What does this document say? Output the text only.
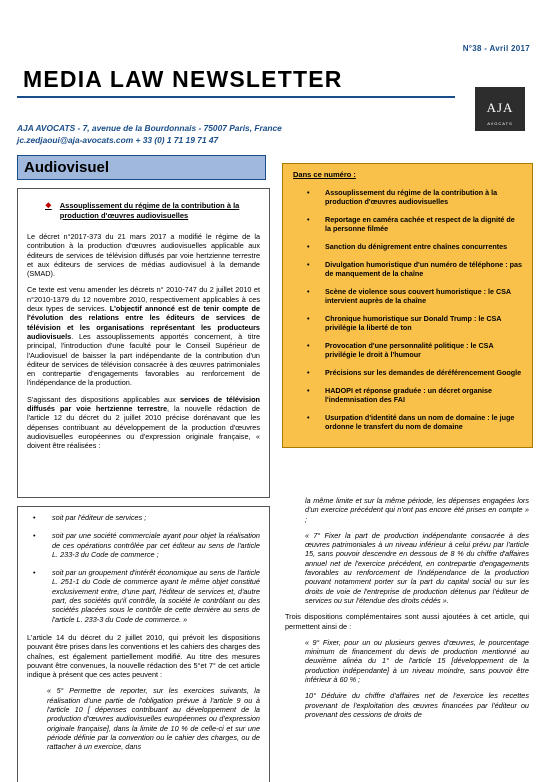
N°38 - Avril 2017
MEDIA LAW NEWSLETTER
AJA
AVOCATS
AJA AVOCATS - 7, avenue de la Bourdonnais - 75007 Paris, France
jc.zedjaoui@aja-avocats.com + 33 (0) 1 71 19 71 47
Audiovisuel
❖ Assouplissement du régime de la contribution à la production d'œuvres audiovisuelles

Le décret n°2017-373 du 21 mars 2017 a modifié le régime de la contribution à la production d'œuvres audiovisuelles applicable aux éditeurs de services de télévision diffusés par voie hertzienne terrestre et aux éditeurs de services de médias audiovisuel à la demande (SMAD).

Ce texte est venu amender les décrets n° 2010-747 du 2 juillet 2010 et n°2010-1379 du 12 novembre 2010, respectivement applicables à ces deux types de services. L'objectif annoncé est de tenir compte de l'évolution des relations entre les éditeurs de services de télévision et les organisations représentant les producteurs audiovisuels. Les assouplissements apportés concernent, à titre principal, l'introduction d'une faculté pour le Conseil Supérieur de l'Audiovisuel de baisser la part indépendante de la contribution d'un éditeur de services de télévision consacrée à des œuvres patrimoniales en contrepartie d'engagements favorables au renforcement de l'indépendance de la production.

S'agissant des dispositions applicables aux services de télévision diffusés par voie hertzienne terrestre, la nouvelle rédaction de l'article 12 du décret du 2 juillet 2010 précise dorénavant que les dépenses contribuant au développement de la production d'œuvres audiovisuelles européennes ou d'expression originale française, « doivent être réalisées :

• soit par l'éditeur de services ;
• soit par une société commerciale ayant pour objet la réalisation de ces opérations contrôlée par cet éditeur au sens de l'article L. 233-3 du Code de commerce ;
• soit par un groupement d'intérêt économique au sens de l'article L. 251-1 du Code de commerce ayant le même objet constitué exclusivement entre, d'une part, l'éditeur de services et, d'autre part, des sociétés qu'il contrôle, la société le contrôlant ou des sociétés placées sous le contrôle de cette dernière au sens de l'article L. 233-3 du Code de commerce. »

L'article 14 du décret du 2 juillet 2010, qui prévoit les dispositions pouvant être prises dans les conventions et les cahiers des charges des chaînes, est également partiellement modifié. Au titre des mesures pouvant être convenues, la nouvelle rédaction des 5°et 7° de cet article indique à présent que ces actes peuvent :

« 5° Permettre de reporter, sur les exercices suivants, la réalisation d'une partie de l'obligation prévue à l'article 9 ou à l'article 10 [ dépenses contribuant au développement de la production d'œuvres audiovisuelles européennes ou d'expression originale française], dans la limite de 10 % de celle-ci et sur une période définie par la convention ou le cahier des charges, ou de rattacher à un exercice, dans

Dans ce numéro :
• Assouplissement du régime de la contribution à la production d'œuvres audiovisuelles
• Reportage en caméra cachée et respect de la dignité de la personne filmée
• Sanction du dénigrement entre chaînes concurrentes
• Divulgation humoristique d'un numéro de téléphone : pas de manquement de la chaîne
• Scène de violence sous couvert humoristique : le CSA intervient auprès de la chaîne
• Chronique humoristique sur Donald Trump : le CSA privilégie la liberté de ton
• Provocation d'une personnalité politique : le CSA privilégie le droit à l'humour
• Précisions sur les demandes de déréférencement Google
• HADOPI et réponse graduée : un décret organise l'indemnisation des FAI
• Usurpation d'identité dans un nom de domaine : le juge ordonne le transfert du nom de domaine

la même limite et sur la même période, les dépenses engagées lors d'un exercice précédent qui n'ont pas encore été prises en compte » ;

« 7° Fixer la part de production indépendante consacrée à des œuvres patrimoniales à un niveau inférieur à celui prévu par l'article 15, sans pouvoir descendre en dessous de 8 % du chiffre d'affaires annuel net de l'exercice précédent, en contrepartie d'engagements favorables au renforcement de l'indépendance de la production pouvant notamment porter sur la part du capital social ou sur les droits de voie de l'entreprise de production détenus par l'éditeur de services ou sur l'étendue des droits cédés ».

Trois dispositions complémentaires sont aussi ajoutées à cet article, qui permettent ainsi de :

« 9° Fixer, pour un ou plusieurs genres d'œuvres, le pourcentage minimum de financement du devis de production mentionné au deuxième alinéa du 1° de l'article 15 [développement de la production indépendante] à un niveau moindre, sans pouvoir être inférieur à 60 % ;

10° Déduire du chiffre d'affaires net de l'exercice les recettes provenant de l'exploitation des œuvres financées par l'éditeur ou provenant des cessions de droits de
